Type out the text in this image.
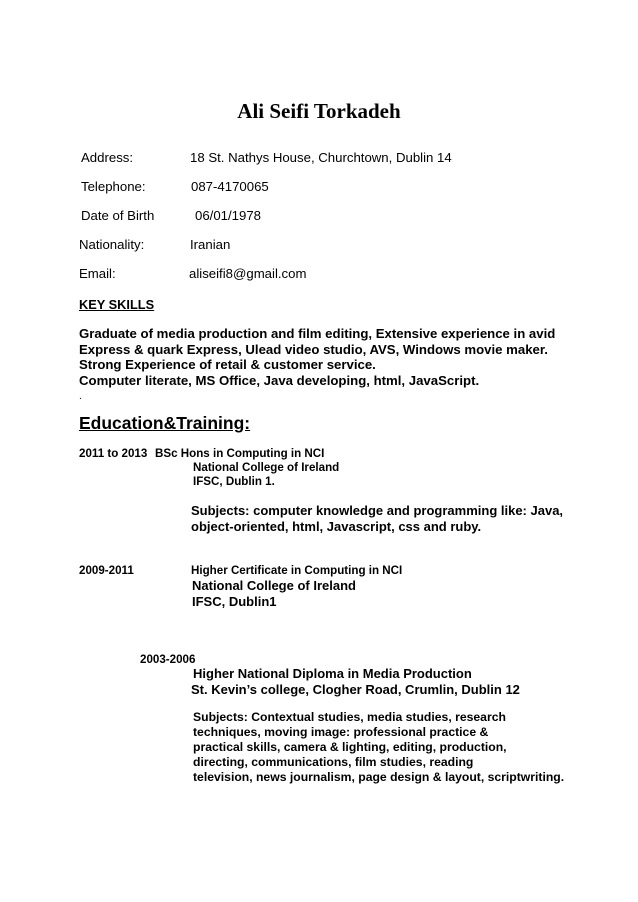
Ali Seifi Torkadeh
Address:	18 St. Nathys House, Churchtown, Dublin 14
Telephone:	087-4170065
Date of Birth	06/01/1978
Nationality:	Iranian
Email:	aliseifi8@gmail.com
KEY SKILLS
Graduate of media production and film editing, Extensive experience in avid
Express & quark Express, Ulead video studio, AVS, Windows movie maker.
Strong Experience of retail & customer service.
Computer literate, MS Office, Java developing, html, JavaScript.
.
Education&Training:
2011 to 2013 BSc Hons in Computing in NCI
National College of Ireland
IFSC, Dublin 1.
Subjects: computer knowledge and programming like: Java,
object-oriented, html, Javascript, css and ruby.
2009-2011	Higher Certificate in Computing in NCI
National College of Ireland
IFSC, Dublin1
2003-2006
Higher National Diploma in Media Production
St. Kevin’s college, Clogher Road, Crumlin, Dublin 12
Subjects: Contextual studies, media studies, research
techniques, moving image: professional practice &
practical skills, camera & lighting, editing, production,
directing, communications, film studies, reading
television, news journalism, page design & layout, scriptwriting.
